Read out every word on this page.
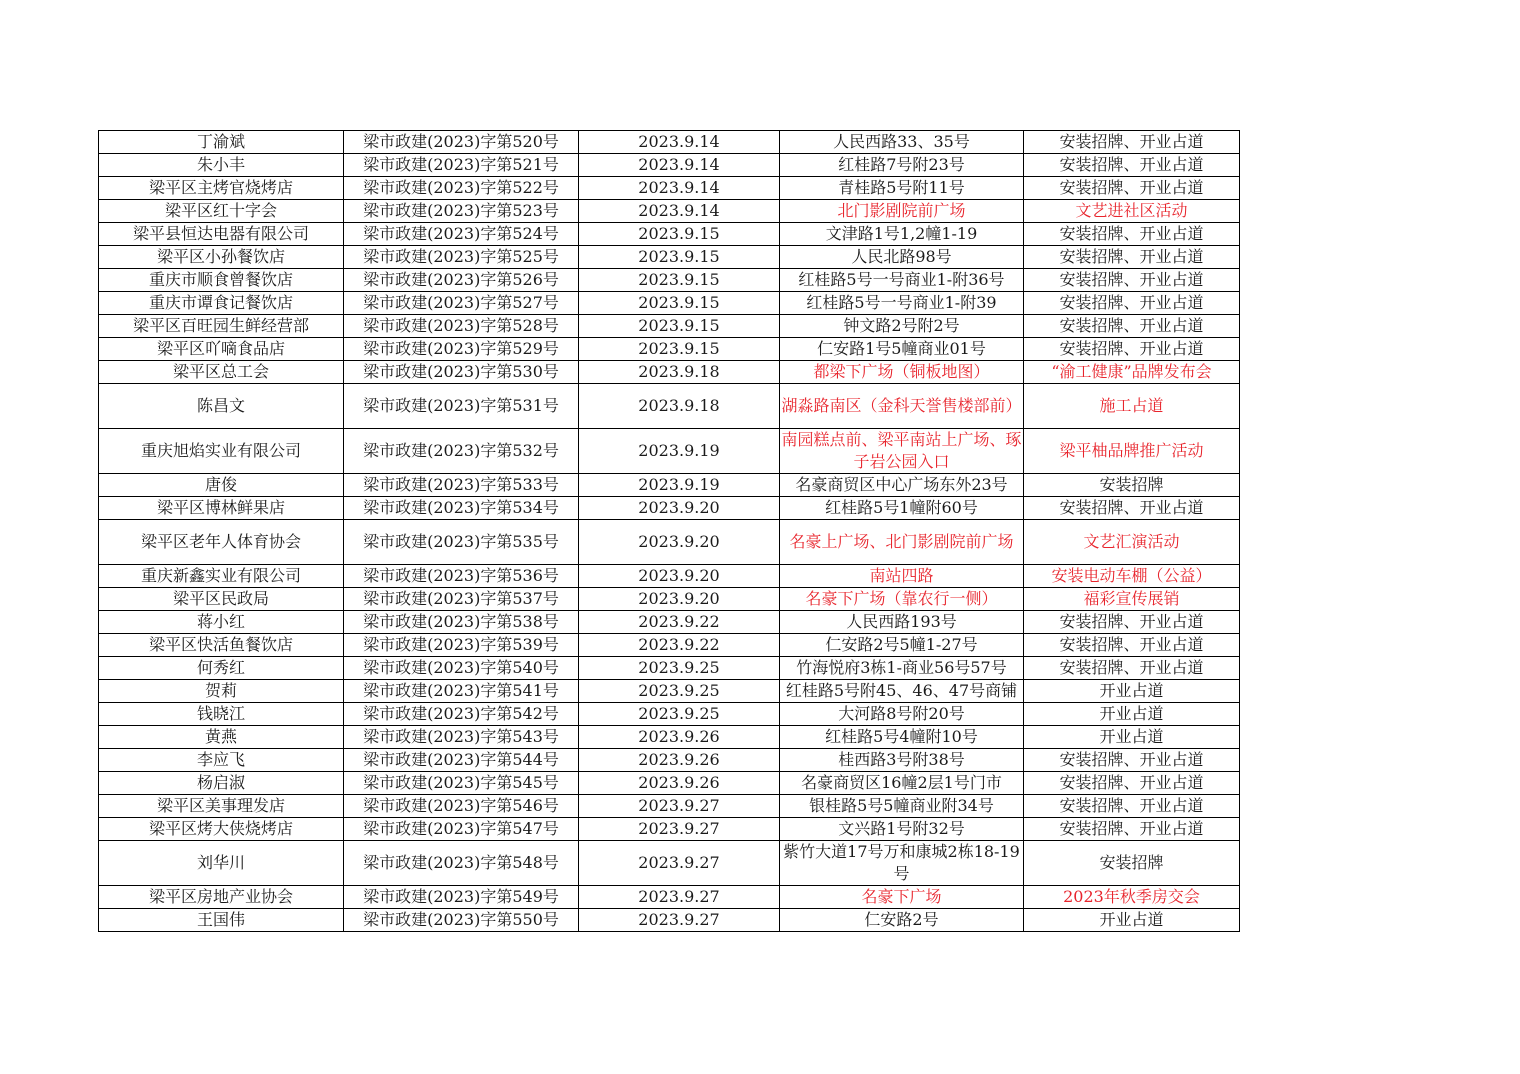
丁渝斌	梁市政建(2023)字第520号	2023.9.14	人民西路33、35号	安装招牌、开业占道
朱小丰	梁市政建(2023)字第521号	2023.9.14	红桂路7号附23号	安装招牌、开业占道
梁平区主烤官烧烤店	梁市政建(2023)字第522号	2023.9.14	青桂路5号附11号	安装招牌、开业占道
梁平区红十字会	梁市政建(2023)字第523号	2023.9.14	北门影剧院前广场	文艺进社区活动
梁平县恒达电器有限公司	梁市政建(2023)字第524号	2023.9.15	文津路1号1,2幢1-19	安装招牌、开业占道
梁平区小孙餐饮店	梁市政建(2023)字第525号	2023.9.15	人民北路98号	安装招牌、开业占道
重庆市顺食曾餐饮店	梁市政建(2023)字第526号	2023.9.15	红桂路5号一号商业1-附36号	安装招牌、开业占道
重庆市谭食记餐饮店	梁市政建(2023)字第527号	2023.9.15	红桂路5号一号商业1-附39	安装招牌、开业占道
梁平区百旺园生鲜经营部	梁市政建(2023)字第528号	2023.9.15	钟文路2号附2号	安装招牌、开业占道
梁平区吖嘀食品店	梁市政建(2023)字第529号	2023.9.15	仁安路1号5幢商业01号	安装招牌、开业占道
梁平区总工会	梁市政建(2023)字第530号	2023.9.18	都梁下广场（铜板地图）	“渝工健康”品牌发布会
陈昌文	梁市政建(2023)字第531号	2023.9.18	湖淼路南区（金科天誉售楼部前）	施工占道
重庆旭焰实业有限公司	梁市政建(2023)字第532号	2023.9.19	南园糕点前、梁平南站上广场、琢子岩公园入口	梁平柚品牌推广活动
唐俊	梁市政建(2023)字第533号	2023.9.19	名豪商贸区中心广场东外23号	安装招牌
梁平区博林鲜果店	梁市政建(2023)字第534号	2023.9.20	红桂路5号1幢附60号	安装招牌、开业占道
梁平区老年人体育协会	梁市政建(2023)字第535号	2023.9.20	名豪上广场、北门影剧院前广场	文艺汇演活动
重庆新鑫实业有限公司	梁市政建(2023)字第536号	2023.9.20	南站四路	安装电动车棚（公益）
梁平区民政局	梁市政建(2023)字第537号	2023.9.20	名豪下广场（靠农行一侧）	福彩宣传展销
蒋小红	梁市政建(2023)字第538号	2023.9.22	人民西路193号	安装招牌、开业占道
梁平区快活鱼餐饮店	梁市政建(2023)字第539号	2023.9.22	仁安路2号5幢1-27号	安装招牌、开业占道
何秀红	梁市政建(2023)字第540号	2023.9.25	竹海悦府3栋1-商业56号57号	安装招牌、开业占道
贺莉	梁市政建(2023)字第541号	2023.9.25	红桂路5号附45、46、47号商铺	开业占道
钱晓江	梁市政建(2023)字第542号	2023.9.25	大河路8号附20号	开业占道
黄燕	梁市政建(2023)字第543号	2023.9.26	红桂路5号4幢附10号	开业占道
李应飞	梁市政建(2023)字第544号	2023.9.26	桂西路3号附38号	安装招牌、开业占道
杨启淑	梁市政建(2023)字第545号	2023.9.26	名豪商贸区16幢2层1号门市	安装招牌、开业占道
梁平区美事理发店	梁市政建(2023)字第546号	2023.9.27	银桂路5号5幢商业附34号	安装招牌、开业占道
梁平区烤大侠烧烤店	梁市政建(2023)字第547号	2023.9.27	文兴路1号附32号	安装招牌、开业占道
刘华川	梁市政建(2023)字第548号	2023.9.27	紫竹大道17号万和康城2栋18-19号	安装招牌
梁平区房地产业协会	梁市政建(2023)字第549号	2023.9.27	名豪下广场	2023年秋季房交会
王国伟	梁市政建(2023)字第550号	2023.9.27	仁安路2号	开业占道
